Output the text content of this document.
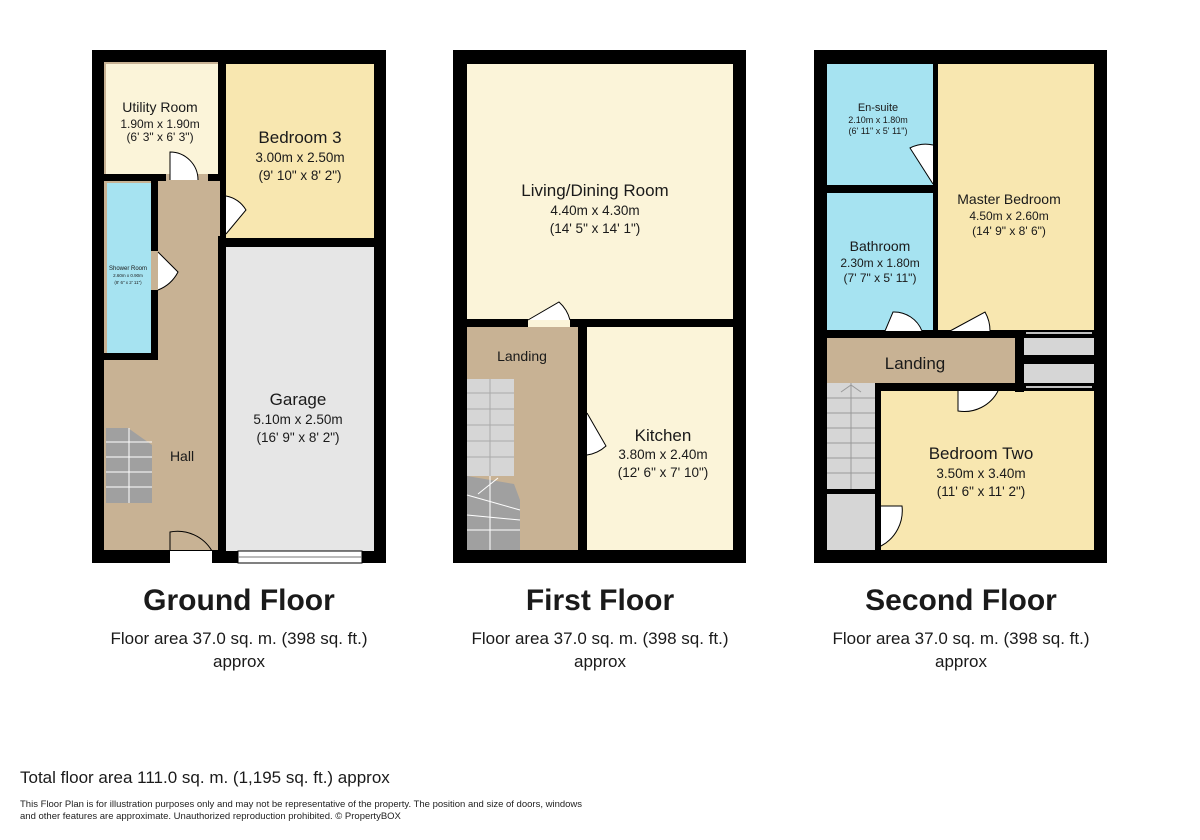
Utility Room
1.90m x 1.90m
(6' 3" x 6' 3")	Bedroom 3
3.00m x 2.50m
(9' 10" x 8' 2")
Shower Room
2.60m x 0.90m
(8' 6" x 2' 11")
Garage
5.10m x 2.50m
(16' 9" x 8' 2")
Hall
Living/Dining Room
4.40m x 4.30m
(14' 5" x 14' 1")
Landing
Kitchen
3.80m x 2.40m
(12' 6" x 7' 10")
En-suite
2.10m x 1.80m
(6' 11" x 5' 11")
Master Bedroom
4.50m x 2.60m
(14' 9" x 8' 6")
Bathroom
2.30m x 1.80m
(7' 7" x 5' 11")
Landing
Bedroom Two
3.50m x 3.40m
(11' 6" x 11' 2")
Ground Floor
Floor area 37.0 sq. m. (398 sq. ft.)
approx
First Floor
Floor area 37.0 sq. m. (398 sq. ft.)
approx
Second Floor
Floor area 37.0 sq. m. (398 sq. ft.)
approx
Total floor area 111.0 sq. m. (1,195 sq. ft.) approx
This Floor Plan is for illustration purposes only and may not be representative of the property. The position and size of doors, windows
and other features are approximate. Unauthorized reproduction prohibited. © PropertyBOX
